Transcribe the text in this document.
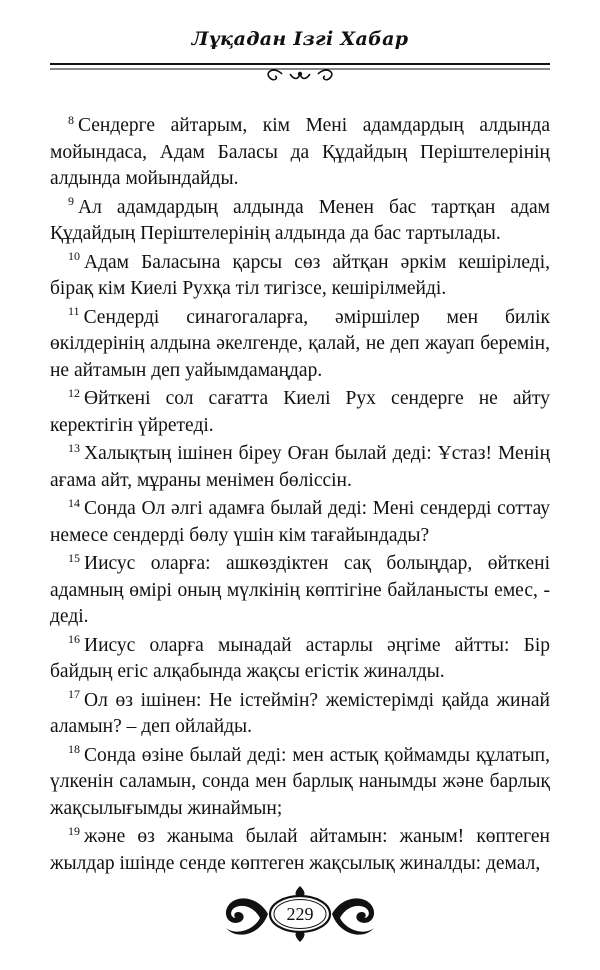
Лұқадан Ізгі Хабар

$^8$ Сендерге айтарым, кім Мені адамдардың алдында мойындаса, Адам Баласы да Құдайдың Періштелерінің алдында мойындайды.

$^9$ Ал адамдардың алдында Менен бас тартқан адам Құдайдың Періштелерінің алдында да бас тартылады.

$^{10}$ Адам Баласына қарсы сөз айтқан әркім кешіріледі, бірақ кім Киелі Рухқа тіл тигізсе, кешірілмейді.

$^{11}$ Сендерді синагогаларға, әміршілер мен билік өкілдерінің алдына әкелгенде, қалай, не деп жауап беремін, не айтамын деп уайымдамаңдар.

$^{12}$ Өйткені сол сағатта Киелі Рух сендерге не айту керектігін үйретеді.

$^{13}$ Халықтың ішінен біреу Оған былай деді: Ұстаз! Менің ағама айт, мұраны менімен бөліссін.

$^{14}$ Сонда Ол әлгі адамға былай деді: Мені сендерді соттау немесе сендерді бөлу үшін кім тағайындады?

$^{15}$ Иисус оларға: ашкөздіктен сақ болыңдар, өйткені адамның өмірі оның мүлкінің көптігіне байланысты емес, - деді.

$^{16}$ Иисус оларға мынадай астарлы әңгіме айтты: Бір байдың егіс алқабында жақсы егістік жиналды.

$^{17}$ Ол өз ішінен: Не істеймін? жемістерімді қайда жинай аламын? – деп ойлайды.

$^{18}$ Сонда өзіне былай деді: мен астық қоймамды құлатып, үлкенін саламын, сонда мен барлық нанымды және барлық жақсылығымды жинаймын;

$^{19}$ және өз жаныма былай айтамын: жаным! көптеген жылдар ішінде сенде көптеген жақсылық жиналды: демал,

229
